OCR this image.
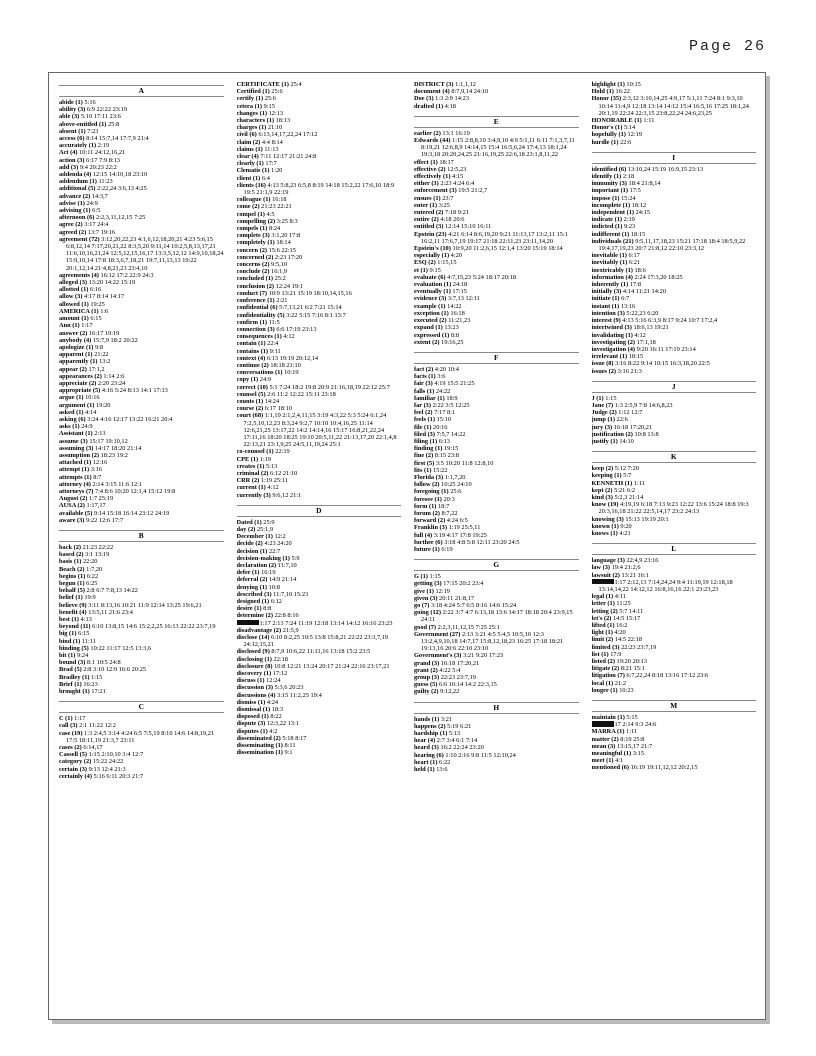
Page 26
A
abide (1) 5:16
ability (3) 6:9 22:22 23:19
able (3) 5:10 17:11 23:6
above-entitled (1) 25:8
absent (1) 7:23
access (6) 8:14 15:7,14 17:7,9 21:4
accurately (1) 2:19
Act (4) 10:11 24:12,16,21
action (3) 6:17 7:9 8:13
add (3) 9:4 20:23 22:2
addenda (4) 12:15 14:10,18 23:10
addendum (1) 11:23
additional (5) 2:22,24 3:6,13 4:25
advance (2) 14:3,7
advise (1) 24:9
advising (1) 6:5
afternoon (6) 2:2,3,11,12,15 7:25
agree (2) 3:17 24:4
agreed (2) 13:7 19:16
agreement (72) 3:12,20,22,23 4:1,6,12,18,20,21 4:23 5:6,15 6:8,12,14 7:17,20,21,22 8:3,5,20 9:11,14 10:2,5,8,13,17,21 11:6,10,16,21,24 12:5,12,15,16,17 13:3,5,12,12 14:9,10,18,24 15:9,10,14 17:8 18:3,6,7,18,21 19:7,11,13,13 19:22 20:1,12,14 21:4,8,21,23 23:4,10
agreements (4) 16:12 17:2 22:9 24:3
alleged (3) 13:20 14:22 15:19
allotted (1) 6:16
allow (3) 4:17 8:14 14:17
allowed (1) 19:25
AMERICA (1) 1:6
amount (1) 6:15
Ann (1) 1:17
answer (2) 16:17 19:19
anybody (4) 15:7,9 18:2 20:22
apologize (1) 9:8
apparent (1) 21:22
apparently (1) 13:2
appear (2) 17:1,2
appearances (2) 1:14 2:6
appreciate (2) 2:20 23:24
appropriate (5) 4:16 5:24 8:13 14:1 17:13
argue (1) 10:16
argument (1) 19:20
asked (1) 4:14
asking (6) 3:24 4:16 12:17 13:22 16:21 20:4
asks (1) 24:9
Assistant (1) 2:13
assume (3) 15:17 19:10,12
assuming (3) 14:17 18:20 21:14
assumption (2) 18:23 19:2
attached (1) 12:16
attempt (1) 3:16
attempts (1) 8:7
attorney (4) 2:14 3:15 11:6 12:1
attorneys (7) 7:4 8:6 10:20 12:1,4 15:12 19:8
August (2) 1:7 25:19
AUSA (2) 1:17,17
available (5) 9:14 15:18 16:14 23:12 24:19
aware (3) 9:22 12:6 17:7
B
back (2) 21:23 22:22
based (2) 3:1 13:19
basis (1) 22:20
Beach (2) 1:7,20
begins (1) 6:22
begun (1) 6:25
behalf (5) 2:8 6:7 7:8,13 14:22
belief (1) 19:9
believe (9) 3:11 8:13,16 10:21 11:9 12:14 13:25 19:6,21
benefit (4) 13:5,11 21:6 23:4
best (1) 4:13
beyond (11) 6:10 13:8,15 14:6 15:2,2,25 16:13 22:22 23:7,19
big (1) 6:15
bind (1) 11:11
binding (5) 10:22 11:17 12:5 13:3,6
bit (1) 9:24
bound (3) 8:1 10:5 24:8
Brad (5) 2:8 3:10 12:9 16:6 20:25
Bradley (1) 1:15
Brief (1) 16:23
brought (1) 17:21
C
C (1) 1:17
call (3) 2:1 11:22 12:2
case (19) 1:3 2:4,5 3:14 4:24 6:5 7:5,19 8:10 14:6 14:8,19,21 17:5 18:11,19 21:3,7 23:11
cases (2) 6:14,17
Cassell (5) 1:15 2:10,10 3:4 12:7
category (2) 15:22 24:22
certain (3) 9:13 12:4 21:3
certainly (4) 5:16 6:11 20:3 21:7
CERTIFICATE (1) 25:4
Certified (1) 25:6
certify (1) 25:6
cetera (1) 9:15
changes (1) 12:13
characters (1) 18:13
charges (1) 21:10
civil (6) 6:13,14,17,22,24 17:12
claim (2) 4:4 8:14
claims (1) 11:13
clear (4) 7:11 12:17 21:21 24:8
clearly (1) 17:7
Clematis (1) 1:20
client (1) 6:4
clients (16) 4:13 5:8,23 6:5,8 8:19 14:18 15:2,22 17:6,10 18:9 19:5 21:1,9 22:19
colleague (1) 16:18
come (2) 21:23 22:21
compel (1) 4:5
compelling (2) 3:25 8:3
compels (1) 8:24
complete (3) 3:1,20 17:8
completely (1) 18:14
concern (2) 15:6 22:15
concerned (2) 2:23 17:20
concerns (2) 9:5,10
conclude (2) 16:1,9
concluded (1) 25:2
conclusion (2) 12:24 19:1
conduct (7) 10:9 13:21 15:19 18:10,14,15,16
conference (1) 2:21
confidential (6) 5:7,13,21 6:2 7:21 15:14
confidentiality (5) 3:22 5:15 7:16 8:1 13:7
confirm (1) 11:5
connection (3) 6:6 17:19 23:13
consequences (1) 4:12
contain (1) 22:4
contains (1) 9:11
context (4) 6:13 19:19 20:12,14
continue (2) 18:18 21:10
conversations (1) 10:19
copy (1) 24:9
correct (10) 5:1 7:24 18:2 19:8 20:9 21:16,18,19 22:12 25:7
counsel (5) 2:6 11:2 12:22 15:11 23:18
counts (1) 14:24
course (2) 6:17 18:10
court (68) 1:1,19 2:1,2,4,11,15 3:19 4:3,22 5:3 5:24 6:1,24 7:2,5,10,12,23 8:3,24 9:2,7 10:10 10:4,16,25 11:14 12:6,21,25 13:17,22 14:2 14:14,16 15:17 16:8,21,22,24 17:11,16 18:20 18:25 19:10 20:5,11,22 21:13,17,20 22:1,4,8 22:13,21 23:1,9,25 24:5,11,19,24 25:1
co-counsel (1) 22:19
CPE (1) 1:19
creates (1) 5:13
criminal (2) 6:12 21:10
CRR (2) 1:19 25:11
current (1) 4:12
currently (3) 9:6,12 21:1
D
Dated (1) 25:9
day (2) 25:1,9
December (1) 12:2
decide (2) 4:23 24:20
decision (1) 22:7
decision-making (1) 5:9
declaration (2) 11:7,10
defer (1) 16:19
deferral (2) 14:9 21:14
denying (1) 10:8
described (3) 11:7,10 15:23
designed (1) 6:12
desire (1) 8:8
determine (2) 22:8 8:16
1:17 2:13 7:24 11:19 12:18 13:14 14:12 16:16 23:23
disadvantage (2) 21:5,9
disclose (14) 6:10 8:2,25 10:5 13:8 15:8,21 22:22 23:3,7,19 24:12,15,21
disclosed (9) 8:7,9 10:6,22 11:11,16 13:18 15:2 23:5
disclosing (1) 22:18
disclosure (8) 10:8 12:21 13:24 20:17 21:24 22:16 23:17,21
discovery (1) 17:12
discuss (1) 12:24
discussion (3) 5:3,6 20:23
discussions (4) 3:15 11:2,25 19:4
dismiss (1) 4:24
dismissal (1) 18:3
disposed (1) 8:22
dispute (3) 12:3,22 13:1
disputes (1) 4:2
disseminated (2) 5:18 8:17
disseminating (1) 8:11
dissemination (1) 9:1
DISTRICT (3) 1:1,1,12
document (4) 8:7,9,14 24:10
Doe (3) 1:3 2:9 14:23
drafted (1) 4:18
E
earlier (2) 13:1 16:19
Edwards (44) 1:15 2:8,8,10 3:4,9,10 4:9 5:1,11 6:11 7:1,3,7,11 8:19,21 12:6,8,9 14:14,15 15:4 16:5,6,24 17:4,13 18:1,24 19:3,18 20:20,24,25 21:16,19,25 22:6,18 23:1,8,11,22
effect (1) 18:17
effective (2) 12:5,23
effectively (1) 4:15
either (3) 2:23 4:24 6:4
enforcement (3) 19:5 21:2,7
ensues (1) 23:7
enter (1) 3:25
entered (2) 7:18 9:21
entire (2) 4:18 20:6
entitled (3) 12:14 15:10 16:11
Epstein (23) 4:21 6:14 8:6,19,20 9:21 11:13,17 13:2,11 15:1 16:2,11 17:6,7,19 19:17 21:18 22:11,23 23:11,14,20
Epstein's (10) 10:9,20 11:2,6,15 12:1,4 13:20 15:19 18:14
especially (1) 4:20
ESQ (2) 1:15,15
et (1) 9:15
evaluate (6) 4:7,15,23 5:24 18:17 20:18
evaluation (1) 24:18
eventually (1) 17:15
evidence (3) 3:7,13 12:11
example (1) 14:22
exception (1) 16:18
executed (2) 11:21,23
expand (1) 13:23
expressed (1) 8:8
extent (2) 19:16,25
F
fact (2) 4:20 10:4
facts (1) 3:6
fair (3) 4:19 15:5 21:25
falls (1) 24:22
familiar (1) 18:9
far (3) 2:22 3:5 12:25
feel (2) 7:17 8:1
feels (1) 15:10
file (1) 20:16
filed (3) 7:5,7 14:22
filing (1) 6:13
finding (1) 19:15
fine (2) 8:15 23:8
first (5) 3:5 10:20 11:8 12:8,10
fits (1) 15:22
Florida (3) 1:1,7,20
follow (2) 10:25 24:10
foregoing (1) 25:6
foresee (1) 20:3
form (1) 18:7
forum (2) 8:7,22
forward (2) 4:24 6:5
Franklin (3) 1:19 25:5,11
full (4) 3:19 4:17 17:8 19:25
further (6) 3:18 4:8 5:8 12:11 23:20 24:5
future (1) 6:19
G
G (1) 1:15
getting (3) 17:15 20:2 23:4
give (1) 12:19
given (3) 20:11 21:8,17
go (7) 3:18 4:24 5:7 6:5 8:16 14:6 15:24
going (12) 2:22 3:7 4:7 6:13,18 13:6 14:17 18:18 20:4 23:9,15 24:11
good (7) 2:2,3,11,12,15 7:25 25:1
Government (27) 2:13 3:21 4:5 5:4,5 10:5,10 12:3 13:2,4,9,10,18 14:7,17 15:8,12,18,23 16:25 17:18 18:21 19:13,16 20:6 22:10 23:10
Government's (3) 3:21 9:20 17:23
grand (3) 16:18 17:20,21
grant (2) 4:22 5:4
group (3) 22:23 23:7,19
guess (5) 6:6 10:14 14:2 22:3,15
guilty (2) 9:12,22
H
hands (1) 3:21
happens (2) 5:19 6:21
hardship (1) 5:13
hear (4) 2:7 3:4 6:1 7:14
heard (3) 16:2 22:24 23:20
hearing (6) 1:10 2:16 9:8 11:5 12:10,24
heart (1) 6:22
held (1) 13:6
highlight (1) 10:15
Hold (1) 16:22
Honor (35) 2:3,12 3:10,14,25 4:9,17 5:1,11 7:24 8:1 9:3,10 10:14 11:4,9 12:18 13:14 14:12 15:4 16:5,16 17:25 18:1,24 20:1,19 22:24 22:3,15 23:8,22,24 24:6,23,25
HONORABLE (1) 1:11
Honor's (1) 5:14
hopefully (1) 12:19
hurdle (1) 22:6
I
identified (6) 13:10,24 15:19 16:9,15 23:13
identify (1) 2:18
immunity (3) 18:4 21:8,14
important (1) 17:5
impose (1) 15:24
incomplete (1) 18:12
independent (1) 24:15
indicate (1) 2:19
indicted (1) 9:23
indifferent (1) 18:15
individuals (21) 9:5,11,17,18,23 15:21 17:18 18:4 18:5,9,22 19:4,17,19,23 20:7 21:8,12 22:10 23:3,12
inevitable (1) 6:17
inevitably (1) 6:21
inextricably (1) 18:6
information (4) 2:24 17:3,20 18:25
inherently (1) 17:8
initially (3) 4:14 11:21 14:20
initiate (1) 6:7
instant (1) 13:16
intention (3) 5:22,23 6:20
interest (9) 4:13 5:16 6:3,9 8:17 9:24 10:7 17:2,4
intertwined (3) 18:6,13 19:21
invalidating (1) 4:12
investigating (2) 17:1,18
investigation (4) 9:20 16:11 17:19 23:14
irrelevant (1) 18:15
issue (8) 3:16 8:22 9:14 10:15 16:3,18,20 22:5
issues (2) 3:16 21:3
J
J (1) 1:15
Jane (7) 1:3 2:5,9 7:8 14:6,8,23
Judge (2) 1:12 12:7
jump (1) 22:6
jury (3) 16:18 17:20,21
justification (2) 10:8 13:8
justify (1) 14:10
K
keep (2) 5:12 7:20
keeping (1) 5:7
KENNETH (1) 1:11
kept (2) 5:21 6:2
kind (3) 5:2,3 21:14
know (19) 4:19,19 6:18 7:13 9:23 12:22 13:6 15:24 18:8 19:3 20:3,16,18 21:22 22:5,14,17 23:2 24:13
knowing (3) 15:13 19:19 20:1
known (1) 9:20
knows (1) 4:21
L
language (3) 22:4,9 23:16
law (3) 19:4 21:2,6
lawsuit (2) 13:21 16:1
1:17 2:12,13 7:14,24,24 9:4 11:19,19 12:18,18 13:14,14,22 14:12,12 16:8,16,16 22:1 23:23,23
legal (1) 4:11
letter (1) 11:25
letting (2) 5:7 14:11
let's (2) 14:5 15:17
lifted (1) 16:2
light (1) 4:20
limit (2) 14:5 22:18
limited (3) 22:23 23:7,19
list (1) 17:9
listed (2) 19:20 20:13
litigate (2) 8:21 15:1
litigation (7) 6:7,22,24 8:18 13:16 17:12 23:6
local (1) 21:2
longer (1) 10:23
M
maintain (1) 5:15
17 2:14 9:3 24:6
MARRA (1) 1:11
matter (2) 8:19 25:8
mean (3) 13:15,17 21:7
meaningful (1) 3:15
meet (1) 4:1
mentioned (6) 16:19 19:11,12,12 20:2,15
